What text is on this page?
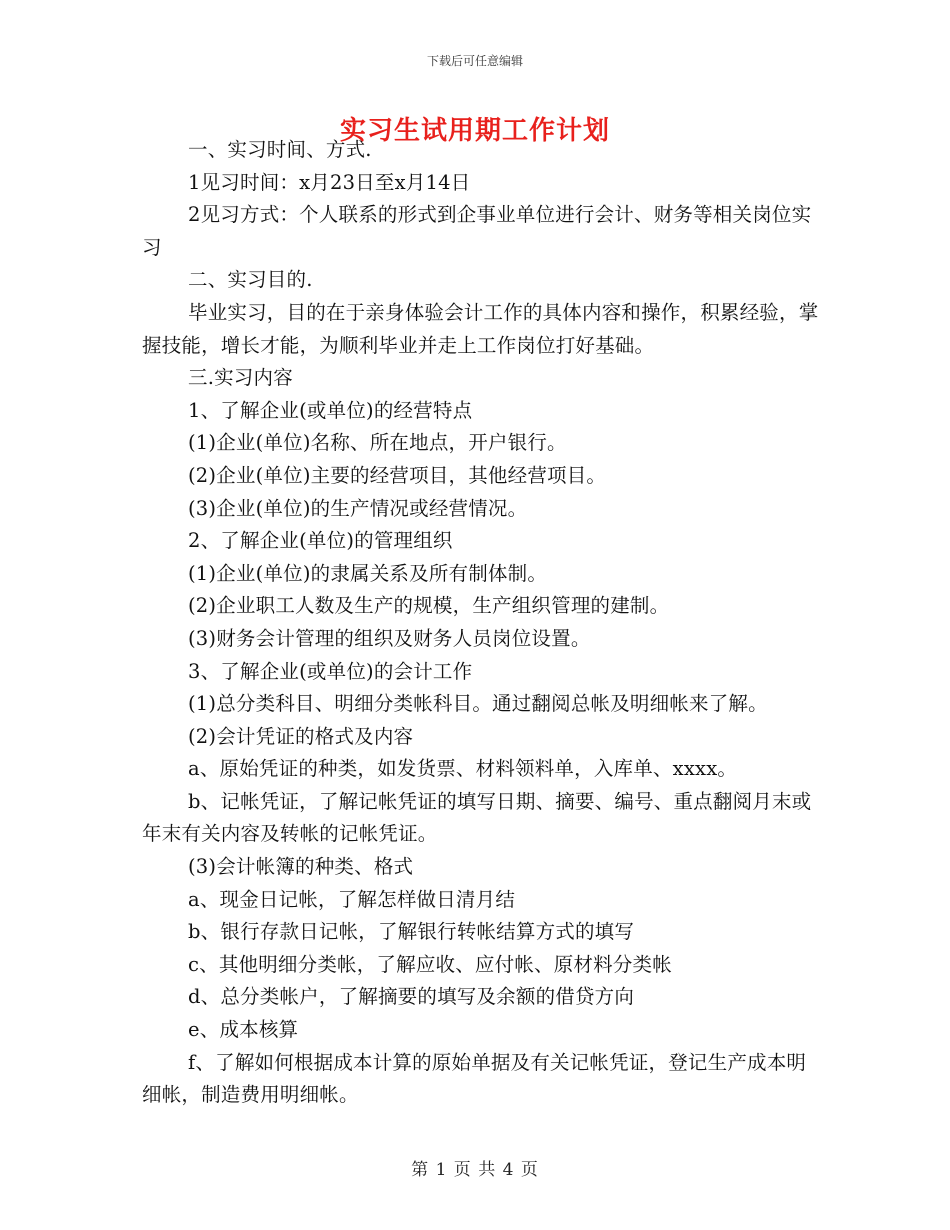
下载后可任意编辑
实习生试用期工作计划

一、实习时间、方式.

1见习时间：x月23日至x月14日

2见习方式：个人联系的形式到企事业单位进行会计、财务等相关岗位实习

二、实习目的.

毕业实习，目的在于亲身体验会计工作的具体内容和操作，积累经验，掌握技能，增长才能，为顺利毕业并走上工作岗位打好基础。

三.实习内容

1、了解企业(或单位)的经营特点

(1)企业(单位)名称、所在地点，开户银行。

(2)企业(单位)主要的经营项目，其他经营项目。

(3)企业(单位)的生产情况或经营情况。

2、了解企业(单位)的管理组织

(1)企业(单位)的隶属关系及所有制体制。

(2)企业职工人数及生产的规模，生产组织管理的建制。

(3)财务会计管理的组织及财务人员岗位设置。

3、了解企业(或单位)的会计工作

(1)总分类科目、明细分类帐科目。通过翻阅总帐及明细帐来了解。

(2)会计凭证的格式及内容

a、原始凭证的种类，如发货票、材料领料单，入库单、xxxx。

b、记帐凭证，了解记帐凭证的填写日期、摘要、编号、重点翻阅月末或年末有关内容及转帐的记帐凭证。

(3)会计帐簿的种类、格式

a、现金日记帐，了解怎样做日清月结

b、银行存款日记帐，了解银行转帐结算方式的填写

c、其他明细分类帐，了解应收、应付帐、原材料分类帐

d、总分类帐户，了解摘要的填写及余额的借贷方向

e、成本核算

f、了解如何根据成本计算的原始单据及有关记帐凭证，登记生产成本明细帐，制造费用明细帐。

第 1 页 共 4 页
